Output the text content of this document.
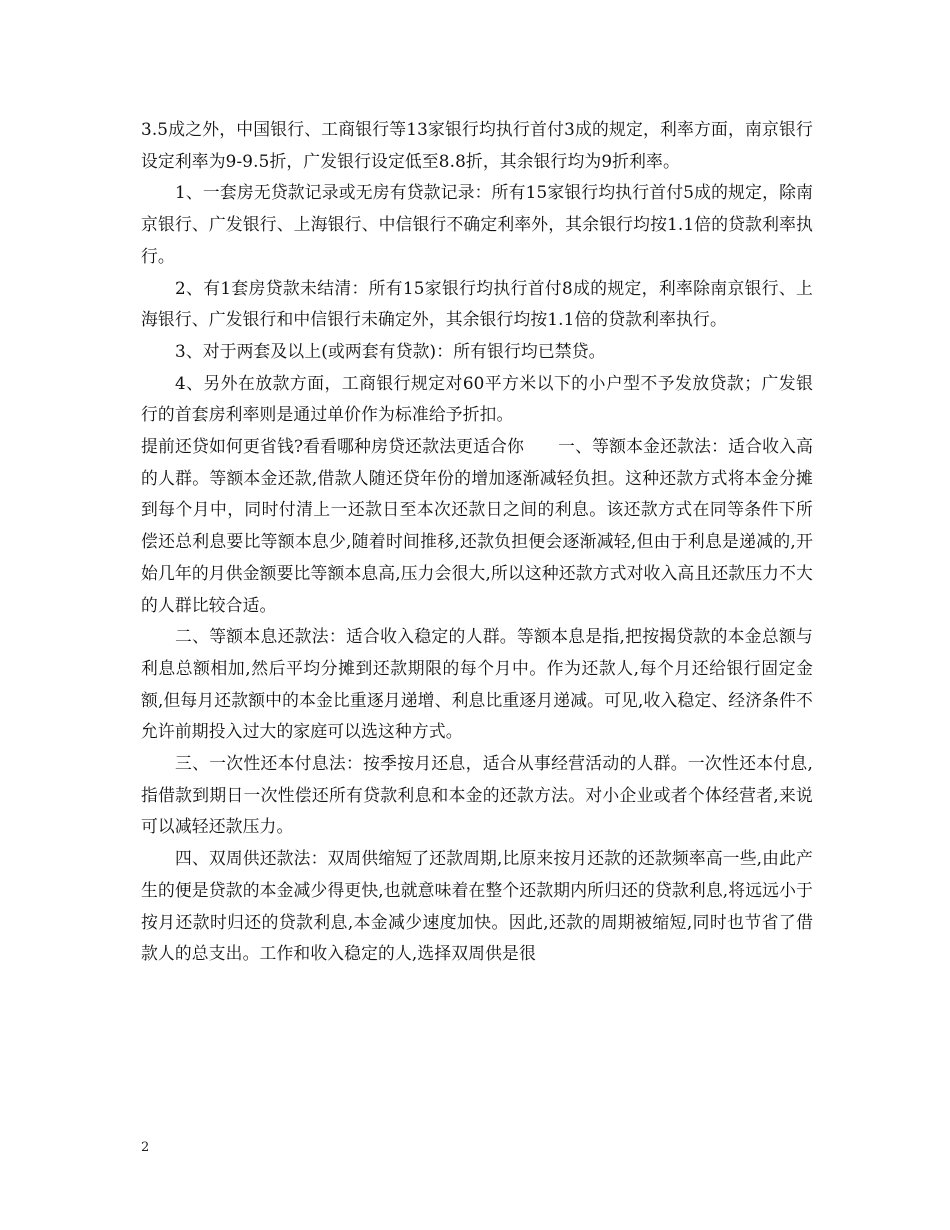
3.5成之外，中国银行、工商银行等13家银行均执行首付3成的规定，利率方面，南京银行设定利率为9-9.5折，广发银行设定低至8.8折，其余银行均为9折利率。

1、一套房无贷款记录或无房有贷款记录：所有15家银行均执行首付5成的规定，除南京银行、广发银行、上海银行、中信银行不确定利率外，其余银行均按1.1倍的贷款利率执行。

2、有1套房贷款未结清：所有15家银行均执行首付8成的规定，利率除南京银行、上海银行、广发银行和中信银行未确定外，其余银行均按1.1倍的贷款利率执行。

3、对于两套及以上(或两套有贷款)：所有银行均已禁贷。

4、另外在放款方面，工商银行规定对60平方米以下的小户型不予发放贷款；广发银行的首套房利率则是通过单价作为标准给予折扣。

提前还贷如何更省钱?看看哪种房贷还款法更适合你　　一、等额本金还款法：适合收入高的人群。等额本金还款,借款人随还贷年份的增加逐渐减轻负担。这种还款方式将本金分摊到每个月中，同时付清上一还款日至本次还款日之间的利息。该还款方式在同等条件下所偿还总利息要比等额本息少,随着时间推移,还款负担便会逐渐减轻,但由于利息是递减的,开始几年的月供金额要比等额本息高,压力会很大,所以这种还款方式对收入高且还款压力不大的人群比较合适。

二、等额本息还款法：适合收入稳定的人群。等额本息是指,把按揭贷款的本金总额与利息总额相加,然后平均分摊到还款期限的每个月中。作为还款人,每个月还给银行固定金额,但每月还款额中的本金比重逐月递增、利息比重逐月递减。可见,收入稳定、经济条件不允许前期投入过大的家庭可以选这种方式。

三、一次性还本付息法：按季按月还息，适合从事经营活动的人群。一次性还本付息,指借款到期日一次性偿还所有贷款利息和本金的还款方法。对小企业或者个体经营者,来说可以减轻还款压力。

四、双周供还款法：双周供缩短了还款周期,比原来按月还款的还款频率高一些,由此产生的便是贷款的本金减少得更快,也就意味着在整个还款期内所归还的贷款利息,将远远小于按月还款时归还的贷款利息,本金减少速度加快。因此,还款的周期被缩短,同时也节省了借款人的总支出。工作和收入稳定的人,选择双周供是很

2
